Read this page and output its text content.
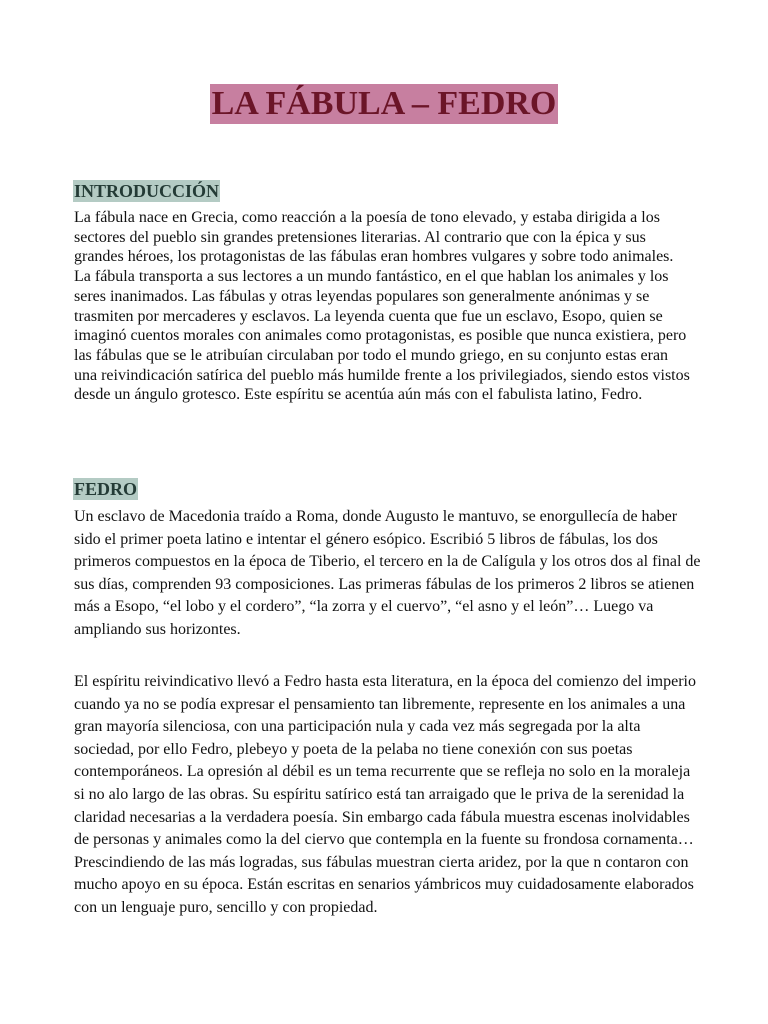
LA FÁBULA – FEDRO
INTRODUCCIÓN

La fábula nace en Grecia, como reacción a la poesía de tono elevado, y estaba dirigida a los sectores del pueblo sin grandes pretensiones literarias. Al contrario que con la épica y sus grandes héroes, los protagonistas de las fábulas eran hombres vulgares y sobre todo animales. La fábula transporta a sus lectores a un mundo fantástico, en el que hablan los animales y los seres inanimados. Las fábulas y otras leyendas populares son generalmente anónimas y se trasmiten por mercaderes y esclavos. La leyenda cuenta que fue un esclavo, Esopo, quien se imaginó cuentos morales con animales como protagonistas, es posible que nunca existiera, pero las fábulas que se le atribuían circulaban por todo el mundo griego, en su conjunto estas eran una reivindicación satírica del pueblo más humilde frente a los privilegiados, siendo estos vistos desde un ángulo grotesco. Este espíritu se acentúa aún más con el fabulista latino, Fedro.

FEDRO

Un esclavo de Macedonia traído a Roma, donde Augusto le mantuvo, se enorgullecía de haber sido el primer poeta latino e intentar el género esópico. Escribió 5 libros de fábulas, los dos primeros compuestos en la época de Tiberio, el tercero en la de Calígula y los otros dos al final de sus días, comprenden 93 composiciones. Las primeras fábulas de los primeros 2 libros se atienen más a Esopo, “el lobo y el cordero”, “la zorra y el cuervo”, “el asno y el león”… Luego va ampliando sus horizontes.

El espíritu reivindicativo llevó a Fedro hasta esta literatura, en la época del comienzo del imperio cuando ya no se podía expresar el pensamiento tan libremente, represente en los animales a una gran mayoría silenciosa, con una participación nula y cada vez más segregada por la alta sociedad, por ello Fedro, plebeyo y poeta de la pelaba no tiene conexión con sus poetas contemporáneos. La opresión al débil es un tema recurrente que se refleja no solo en la moraleja si no alo largo de las obras. Su espíritu satírico está tan arraigado que le priva de la serenidad la claridad necesarias a la verdadera poesía. Sin embargo cada fábula muestra escenas inolvidables de personas y animales como la del ciervo que contempla en la fuente su frondosa cornamenta… Prescindiendo de las más logradas, sus fábulas muestran cierta aridez, por la que n contaron con mucho apoyo en su época. Están escritas en senarios yámbricos muy cuidadosamente elaborados con un lenguaje puro, sencillo y con propiedad.
